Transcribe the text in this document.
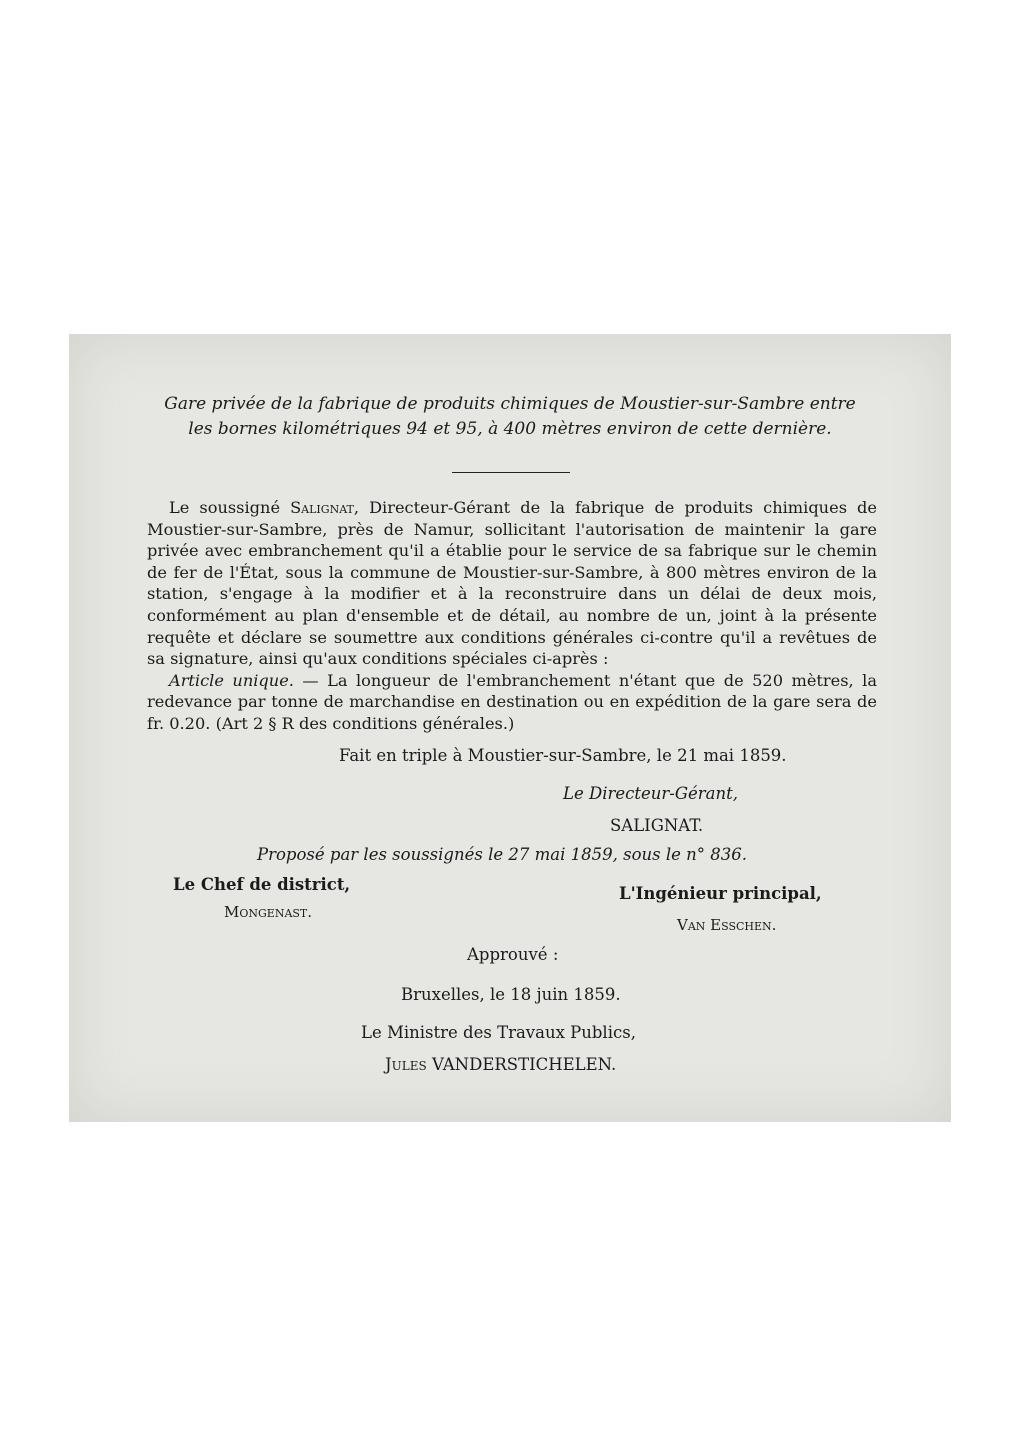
Gare privée de la fabrique de produits chimiques de Moustier-sur-Sambre entre
les bornes kilométriques 94 et 95, à 400 mètres environ de cette dernière.

Le soussigné Salignat, Directeur-Gérant de la fabrique de produits chimiques de Moustier-sur-Sambre, près de Namur, sollicitant l'autorisation de maintenir la gare privée avec embranchement qu'il a établie pour le service de sa fabrique sur le chemin de fer de l'État, sous la commune de Moustier-sur-Sambre, à 800 mètres environ de la station, s'engage à la modifier et à la reconstruire dans un délai de deux mois, conformément au plan d'ensemble et de détail, au nombre de un, joint à la présente requête et déclare se soumettre aux conditions générales ci-contre qu'il a revêtues de sa signature, ainsi qu'aux conditions spéciales ci-après :

Article unique. — La longueur de l'embranchement n'étant que de 520 mètres, la redevance par tonne de marchandise en destination ou en expédition de la gare sera de fr. 0.20. (Art 2 § R des conditions générales.)

Fait en triple à Moustier-sur-Sambre, le 21 mai 1859.
Le Directeur-Gérant,
SALIGNAT.
Proposé par les soussignés le 27 mai 1859, sous le n° 836.
Le Chef de district,
Mongenast.
L'Ingénieur principal,
Van Esschen.
Approuvé :
Bruxelles, le 18 juin 1859.
Le Ministre des Travaux Publics,
Jules VANDERSTICHELEN.
